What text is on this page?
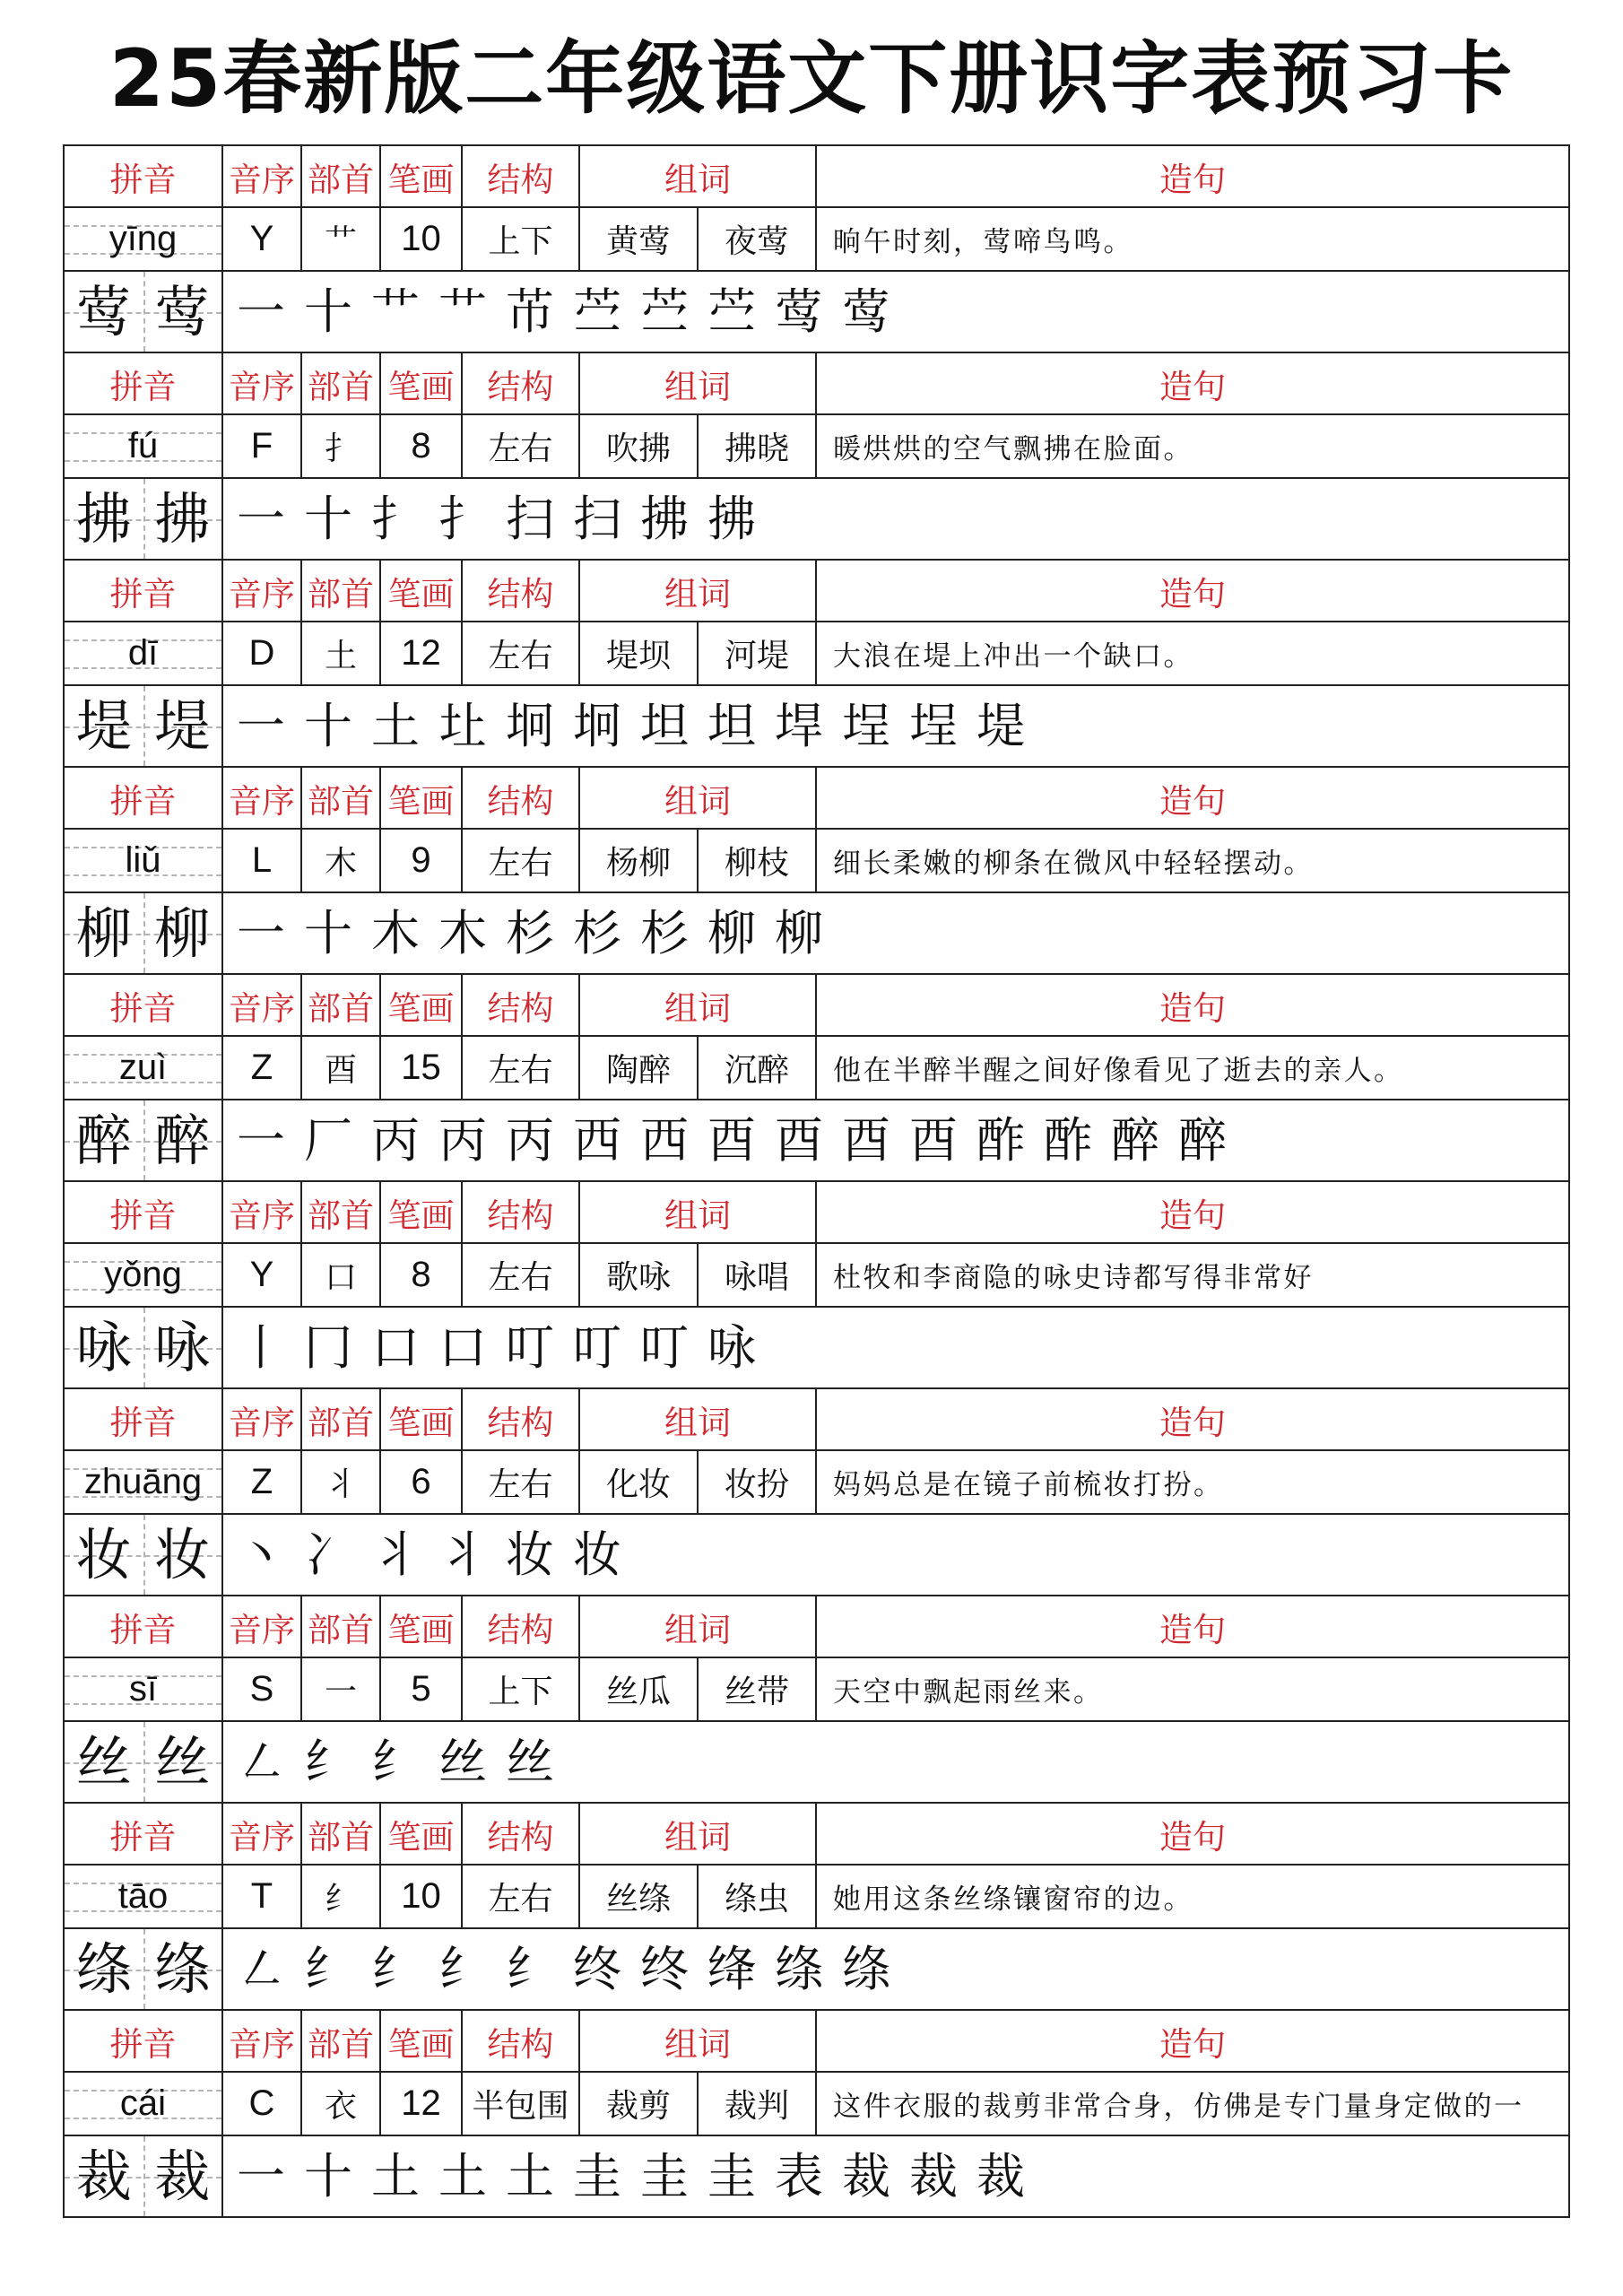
25春新版二年级语文下册识字表预习卡
拼音	音序 部首 笔画	结构	组词	造句
yīng	Y	艹	10	上下	黄莺	夜莺	晌午时刻，莺啼鸟鸣。
莺 莺 一 十 艹 艹 芇 苎 苎 苎 莺 莺
拼音	音序 部首 笔画	结构	组词	造句
fú	F	扌	8	左右	吹拂	拂晓	暖烘烘的空气飘拂在脸面。
拂 拂 一 十 扌 扌 扫 扫 拂 拂
拼音	音序 部首 笔画	结构	组词	造句
dī	D	土	12	左右	堤坝	河堤	大浪在堤上冲出一个缺口。
堤 堤 一 十 土 圵 坰 坰 坦 坦 垾 埕 埕 堤
拼音	音序 部首 笔画	结构	组词	造句
liǔ	L	木	9	左右	杨柳	柳枝	细长柔嫩的柳条在微风中轻轻摆动。
柳 柳 一 十 木 木 杉 杉 杉 柳 柳
拼音	音序 部首 笔画	结构	组词	造句
zuì	Z	酉	15	左右	陶醉	沉醉	他在半醉半醒之间好像看见了逝去的亲人。
醉 醉 一 厂 丙 丙 丙 西 西 酉 酉 酉 酉 酢 酢 醉 醉
拼音	音序 部首 笔画	结构	组词	造句
yǒng	Y	口	8	左右	歌咏	咏唱	杜牧和李商隐的咏史诗都写得非常好
咏 咏 丨 冂 口 口 叮 叮 叮 咏
拼音	音序 部首 笔画	结构	组词	造句
zhuāng	Z	丬	6	左右	化妆	妆扮	妈妈总是在镜子前梳妆打扮。
妆 妆 丶 冫 丬 丬 妆 妆
拼音	音序 部首 笔画	结构	组词	造句
sī	S	一	5	上下	丝瓜	丝带	天空中飘起雨丝来。
丝 丝 ㇜ 纟 纟 丝 丝
拼音	音序 部首 笔画	结构	组词	造句
tāo	T	纟	10	左右	丝绦	绦虫	她用这条丝绦镶窗帘的边。
绦 绦 ㇜ 纟 纟 纟 纟 终 终 绛 绦 绦
拼音	音序 部首 笔画	结构	组词	造句
cái	C	衣	12 半包围	裁剪	裁判	这件衣服的裁剪非常合身，仿佛是专门量身定做的一
裁 裁 一 十 土 土 土 圭 圭 圭 表 裁 裁 裁
